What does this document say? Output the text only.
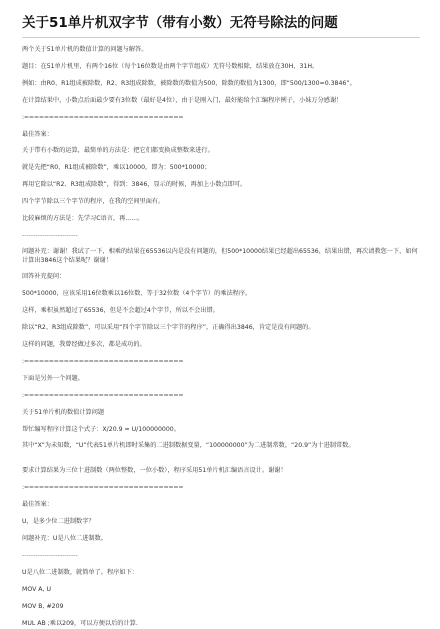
关于51单片机双字节（带有小数）无符号除法的问题
两个关于51单片机的数值计算的问题与解答。
题目：在51单片机里，有两个16位（每个16位数是由两个字节组成）无符号数相除，结果放在30H、31H。
例如：由R0、R1组成被除数，R2、R3组成除数，被除数的数值为500，除数的数值为1300，即“500/1300=0.3846”。
在计算结果中，小数点后面最少要有3位数（最好是4位），由于是刚入门，最好能给个汇编程序例子，小妹万分感谢！
:================================
最佳答案：
关于带有小数的运算，最简单的方法是：把它们都变换成整数来进行。
就是先把“R0、R1组成被除数”，乘以10000，即为：500*10000；
再用它除以“R2、R3组成除数”，得到：3846，显示的时候，再加上小数点即可。
四个字节除以三个字节的程序，在我的空间里面有。
比较麻烦的方法是：先学习C语言，再......。
-------------------------
问题补充：谢谢！我试了一下，相乘的结果在65536以内是没有问题的，但500*10000结果已经超出65536，结果出错，再次请教您一下，如何计算出3846这个结果呢？谢谢！
回答补充提问：
500*10000，应该采用16位数乘以16位数、等于32位数（4个字节）的乘法程序。
这样，乘积虽然超过了65536，但是不会超过4个字节，所以不会出错。
除以“R2、R3组成除数”，可以采用“四个字节除以三个字节的程序”，正确得出3846，肯定是没有问题的。
这样的问题，我曾经做过多次，都是成功的。
:================================
下面是另外一个问题。
:================================
关于51单片机的数值计算问题
帮忙编写程序计算这个式子：X/20.9 = U/100000000。
其中“X”为未知数，“U”代表51单片机即时采集的二进制数据变量，“100000000”为二进制常数，“20.9”为十进制常数。
要求计算结果为三位十进制数（两位整数，一位小数），程序采用51单片机汇编语言设计。谢谢！
:================================
最佳答案：
U，是多少位二进制数字？
问题补充：U是八位二进制数。
-------------------------
U是八位二进制数，就简单了。程序如下：
MOV A, U
MOV B, #209
MUL AB ;乘以209，可以方便以后的计算.
